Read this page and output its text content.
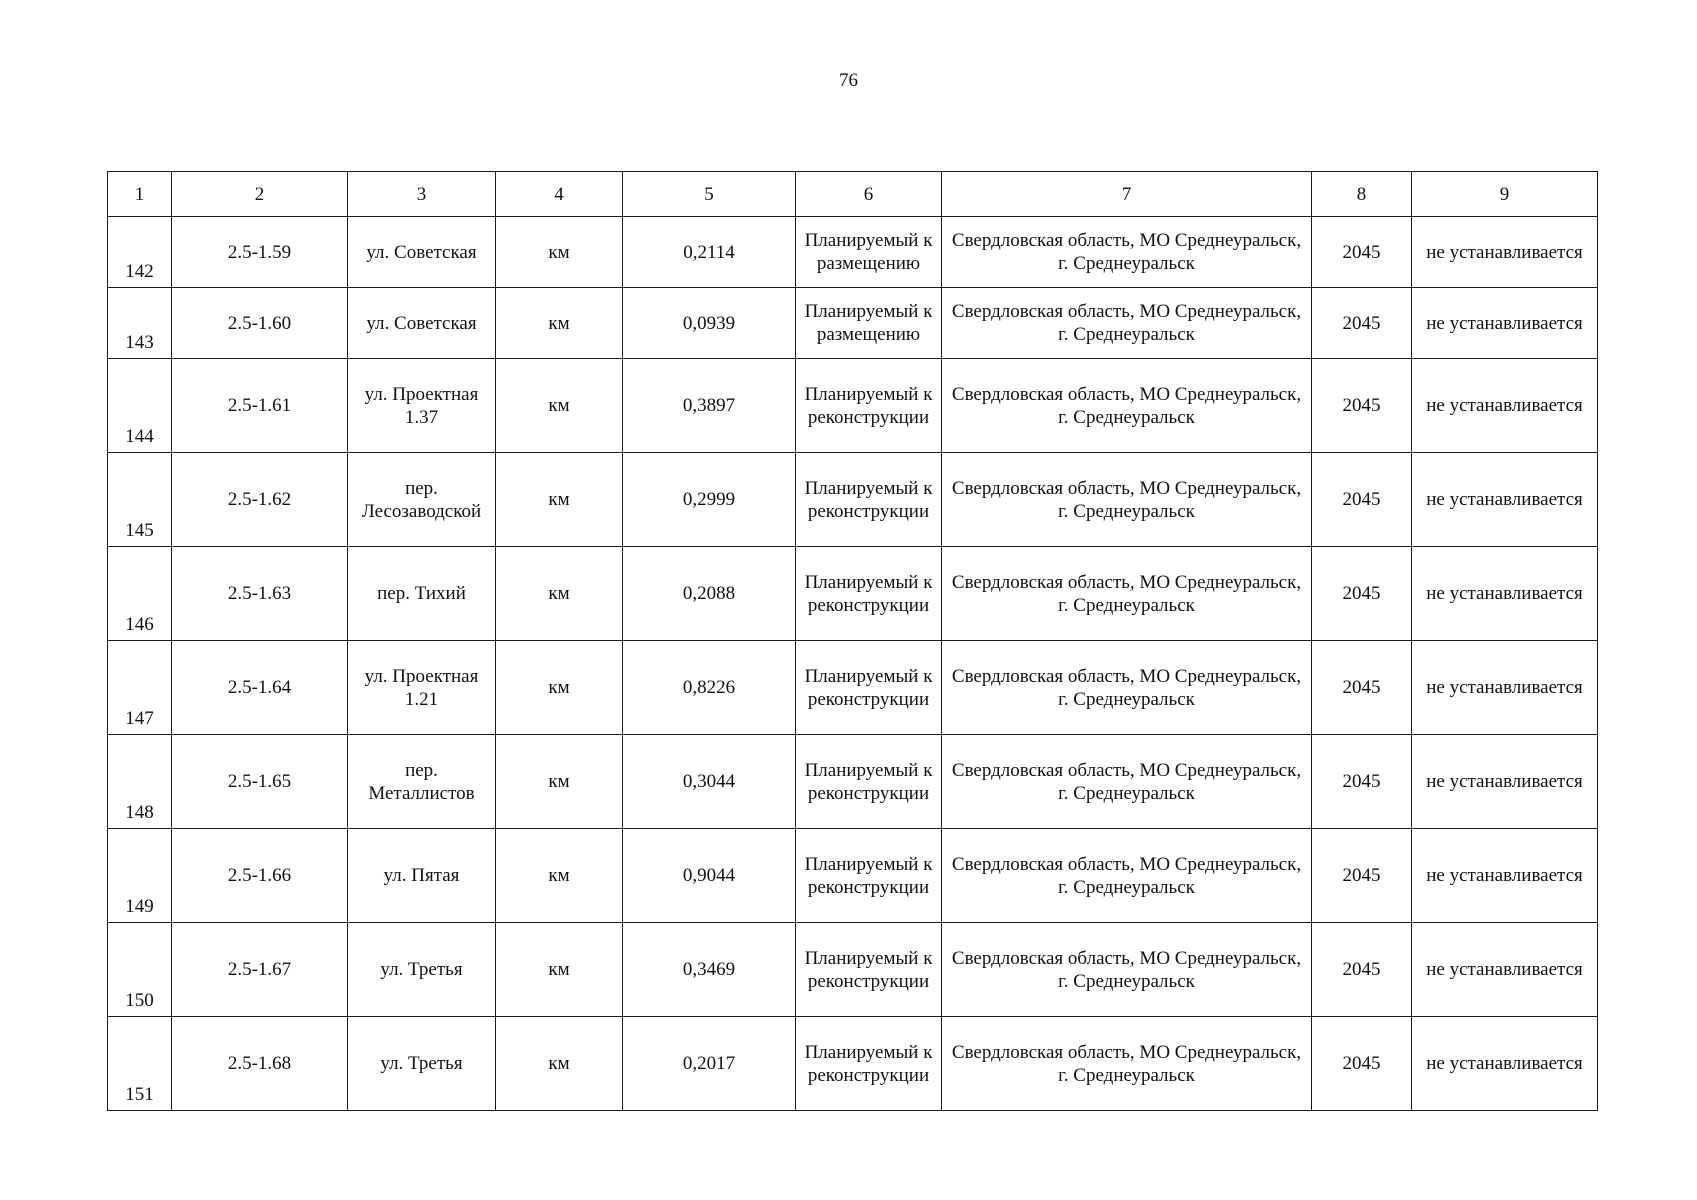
76
1	2	3	4	5	6	7	8	9
142	2.5-1.59	ул. Советская	км	0,2114	Планируемый к размещению	Свердловская область, МО Среднеуральск, г. Среднеуральск	2045	не устанавливается
143	2.5-1.60	ул. Советская	км	0,0939	Планируемый к размещению	Свердловская область, МО Среднеуральск, г. Среднеуральск	2045	не устанавливается
144	2.5-1.61	ул. Проектная 1.37	км	0,3897	Планируемый к реконструкции	Свердловская область, МО Среднеуральск, г. Среднеуральск	2045	не устанавливается
145	2.5-1.62	пер. Лесозаводской	км	0,2999	Планируемый к реконструкции	Свердловская область, МО Среднеуральск, г. Среднеуральск	2045	не устанавливается
146	2.5-1.63	пер. Тихий	км	0,2088	Планируемый к реконструкции	Свердловская область, МО Среднеуральск, г. Среднеуральск	2045	не устанавливается
147	2.5-1.64	ул. Проектная 1.21	км	0,8226	Планируемый к реконструкции	Свердловская область, МО Среднеуральск, г. Среднеуральск	2045	не устанавливается
148	2.5-1.65	пер. Металлистов	км	0,3044	Планируемый к реконструкции	Свердловская область, МО Среднеуральск, г. Среднеуральск	2045	не устанавливается
149	2.5-1.66	ул. Пятая	км	0,9044	Планируемый к реконструкции	Свердловская область, МО Среднеуральск, г. Среднеуральск	2045	не устанавливается
150	2.5-1.67	ул. Третья	км	0,3469	Планируемый к реконструкции	Свердловская область, МО Среднеуральск, г. Среднеуральск	2045	не устанавливается
151	2.5-1.68	ул. Третья	км	0,2017	Планируемый к реконструкции	Свердловская область, МО Среднеуральск, г. Среднеуральск	2045	не устанавливается
